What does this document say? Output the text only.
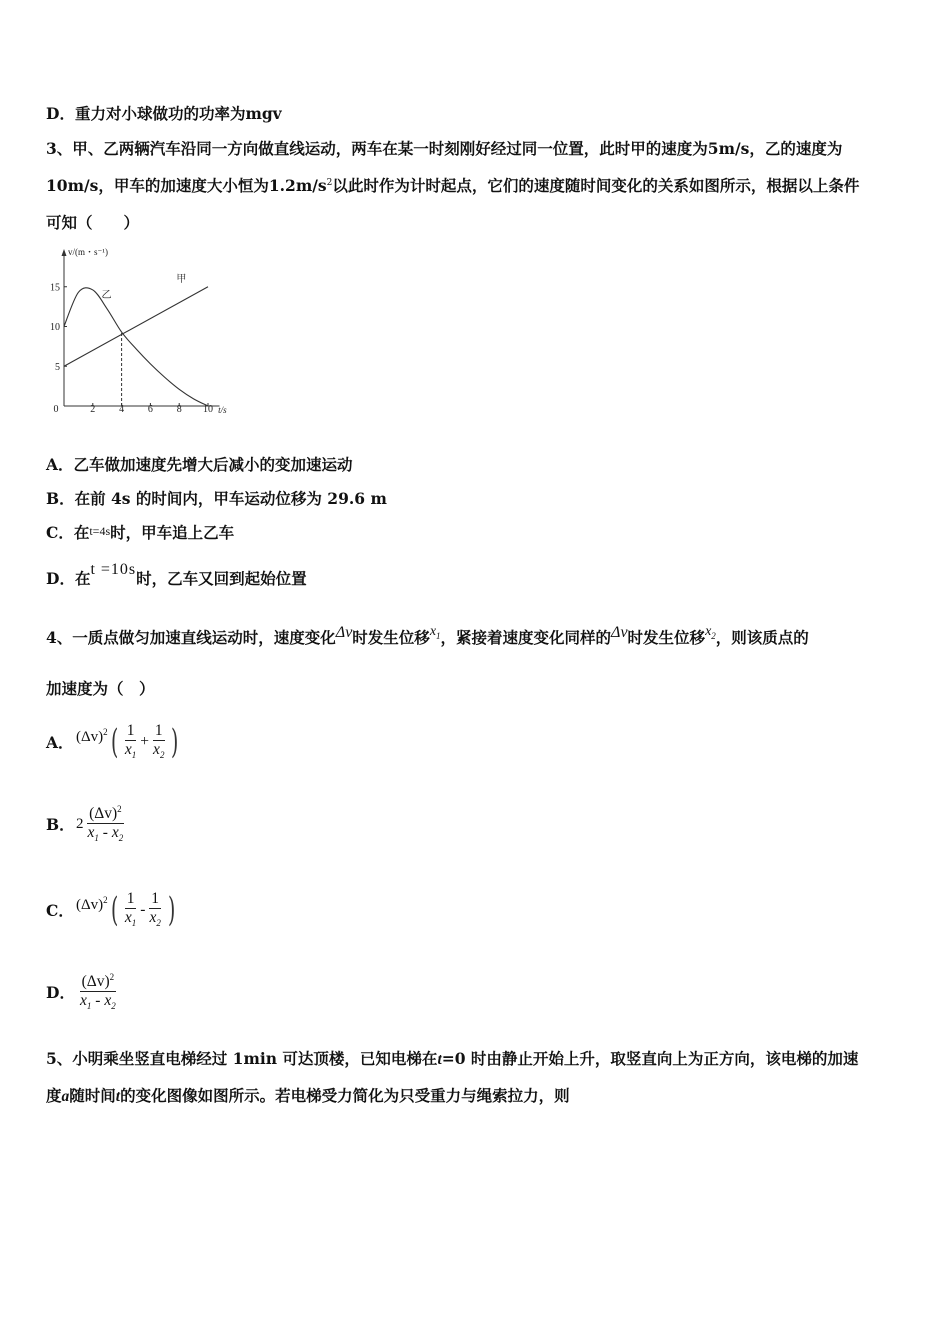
D．重力对小球做功的功率为mgv
3、甲、乙两辆汽车沿同一方向做直线运动，两车在某一时刻刚好经过同一位置，此时甲的速度为5m/s，乙的速度为
10m/s，甲车的加速度大小恒为$1.2m/s^2$以此时作为计时起点，它们的速度随时间变化的关系如图所示，根据以上条件
可知（　　）
v/(m・s⁻¹)
t/s
0	2 4 6 8 10
5
10
15
甲
乙
A．乙车做加速度先增大后减小的变加速运动
B．在前 4s 的时间内，甲车运动位移为 29.6 m
C．在t=4s时，甲车追上乙车
D．在t =10s时，乙车又回到起始位置
4、一质点做匀加速直线运动时，速度变化Δv时发生位移$x_1$，紧接着速度变化同样的Δv时发生位移$x_2$，则该质点的
加速度为（　）
A． $(\Delta v)^2$ ( $\frac{1}{x_1} + \frac{1}{x_2}$ )
B． $2 \frac{(\Delta v)^2}{x_1 - x_2}$
C． $(\Delta v)^2$ ( $\frac{1}{x_1} - \frac{1}{x_2}$ )
D． $\frac{(\Delta v)^2}{x_1 - x_2}$
5、小明乘坐竖直电梯经过 1min 可达顶楼，已知电梯在t=0 时由静止开始上升，取竖直向上为正方向，该电梯的加速
度a随时间t的变化图像如图所示。若电梯受力简化为只受重力与绳索拉力，则
